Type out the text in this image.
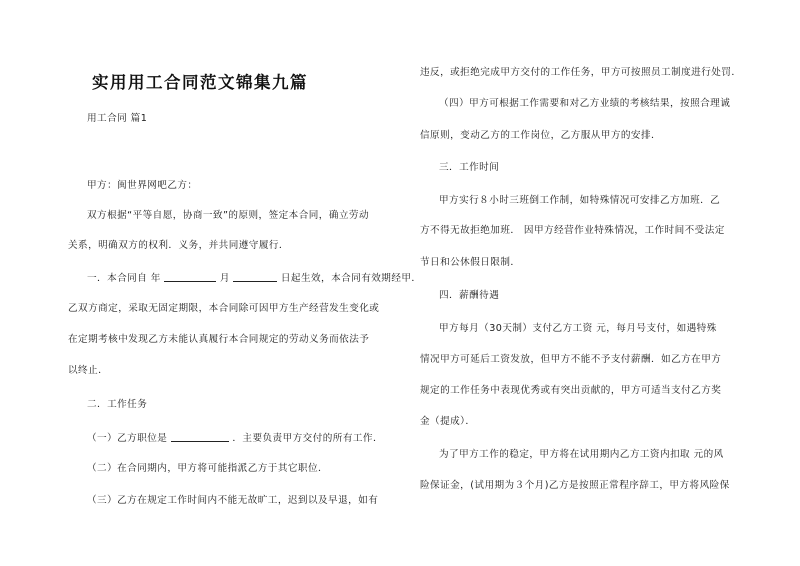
实用用工合同范文锦集九篇
用工合同 篇1
甲方：闽世界网吧乙方：
双方根据“平等自愿，协商一致”的原则，签定本合同，确立劳动
关系，明确双方的权利．义务，并共同遵守履行．
一．本合同自 年	月	日起生效，本合同有效期经甲．
乙双方商定，采取无固定期限，本合同除可因甲方生产经营发生变化或
在定期考核中发现乙方未能认真履行本合同规定的劳动义务而依法予
以终止．
二．工作任务
（一）乙方职位是	．主要负责甲方交付的所有工作．
（二）在合同期内，甲方将可能指派乙方于其它职位．
（三）乙方在规定工作时间内不能无故旷工，迟到以及早退，如有
违反，或拒绝完成甲方交付的工作任务，甲方可按照员工制度进行处罚．
（四）甲方可根据工作需要和对乙方业绩的考核结果，按照合理诚
信原则，变动乙方的工作岗位，乙方服从甲方的安排．
三．工作时间
甲方实行８小时三班倒工作制，如特殊情况可安排乙方加班．乙
方不得无故拒绝加班． 因甲方经营作业特殊情况，工作时间不受法定
节日和公休假日限制．
四．薪酬待遇
甲方每月（30天制）支付乙方工资 元，每月号支付，如遇特殊
情况甲方可延后工资发放，但甲方不能不予支付薪酬．如乙方在甲方
规定的工作任务中表现优秀或有突出贡献的，甲方可适当支付乙方奖
金（提成）．
为了甲方工作的稳定，甲方将在试用期内乙方工资内扣取 元的风
险保证金，(试用期为３个月)乙方是按照正常程序辞工，甲方将风险保
